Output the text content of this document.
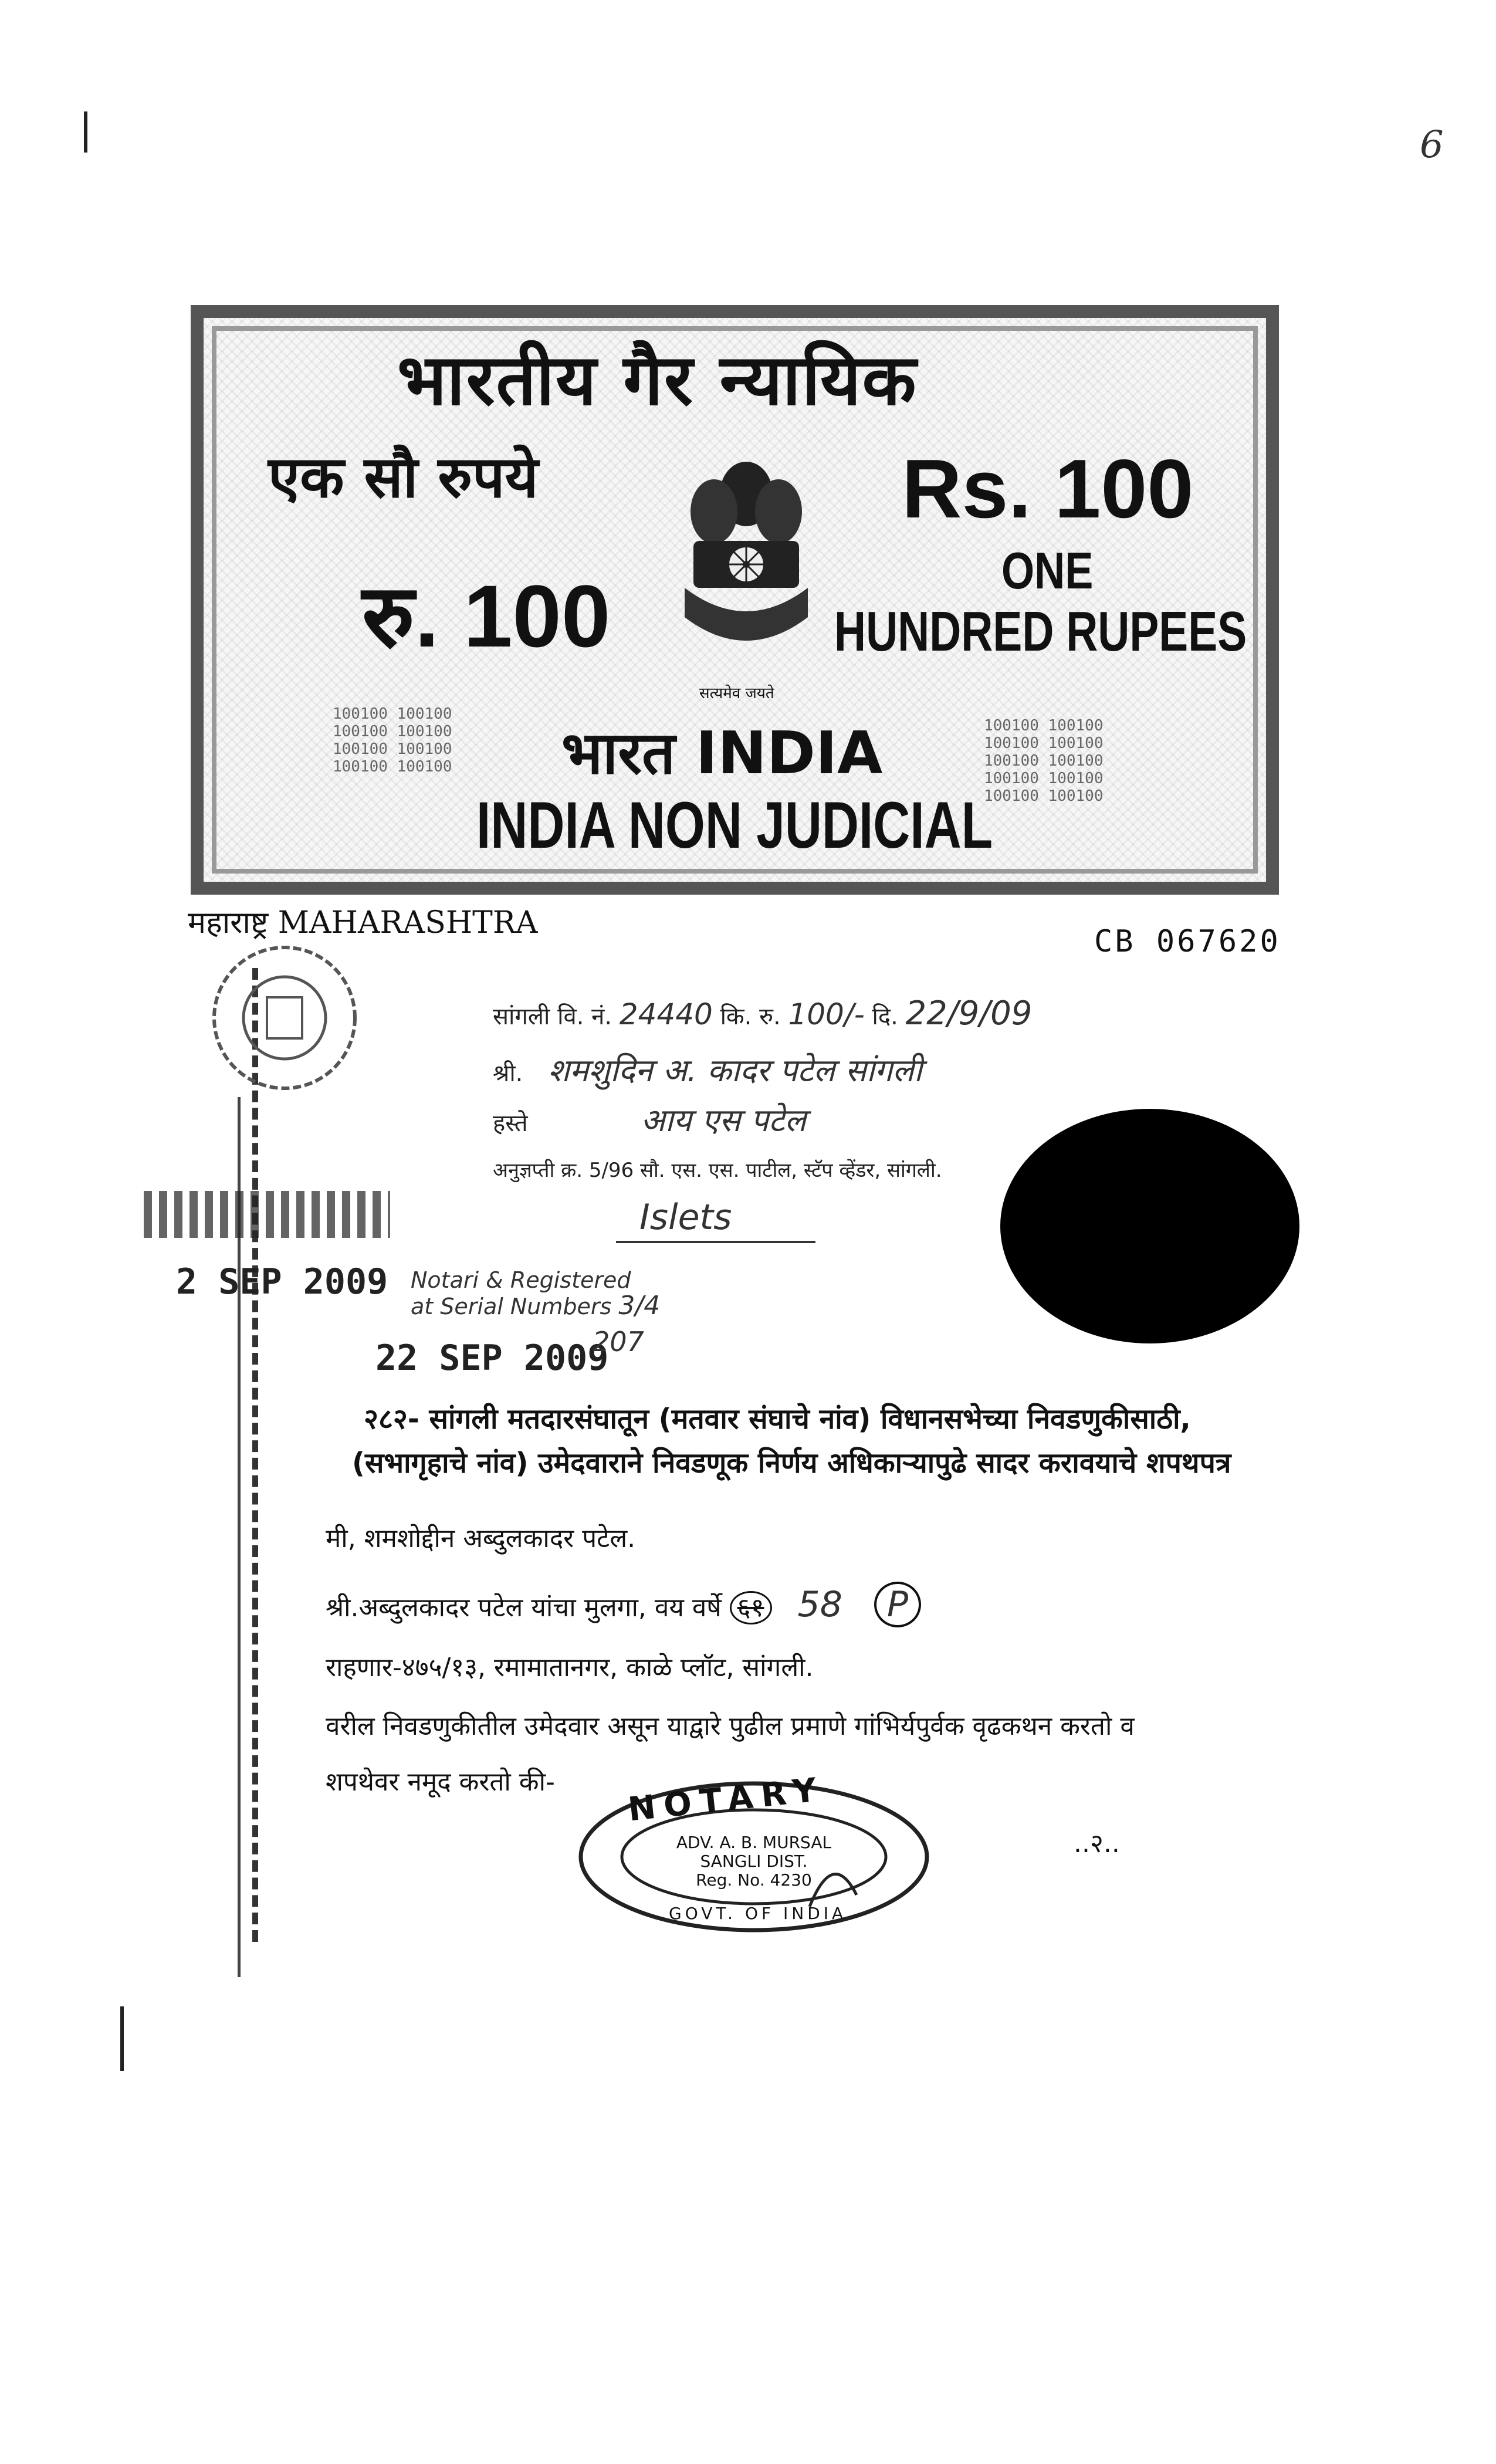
6
भारतीय गैर न्यायिक
एक सौ रुपये	Rs. 100
रु. 100	ONE
HUNDRED RUPEES
सत्यमेव जयते
100100 100100
100100 100100
100100 100100
100100 100100
100100 100100
100100 100100
100100 100100
100100 100100
100100 100100
भारत INDIA
INDIA NON JUDICIAL
महाराष्ट्र MAHARASHTRA
CB 067620
सांगली वि. नं. 24440 कि. रु. 100/- दि. 22/9/09
श्री. शमशुदिन अ. कादर पटेल सांगली
हस्ते	आय एस पटेल
अनुज्ञप्ती क्र. 5/96 सौ. एस. एस. पाटील, स्टॅप व्हेंडर, सांगली.
Islets
2 SEP 2009 Notari & Registered
at Serial Numbers 3/4
22 SEP 2009
207
२८२- सांगली मतदारसंघातून (मतवार संघाचे नांव) विधानसभेच्या निवडणुकीसाठी,
(सभागृहाचे नांव) उमेदवाराने निवडणूक निर्णय अधिकाऱ्यापुढे सादर करावयाचे शपथपत्र
मी, शमशोद्दीन अब्दुलकादर पटेल.
श्री.अब्दुलकादर पटेल यांचा मुलगा, वय वर्षे ६१ 58 P
राहणार-४७५/१३, रमामातानगर, काळे प्लॉट, सांगली.
वरील निवडणुकीतील उमेदवार असून याद्वारे पुढील प्रमाणे गांभिर्यपुर्वक वृढकथन करतो व
शपथेवर नमूद करतो की-
..२..
NOTARY
ADV. A. B. MURSAL
SANGLI DIST.
Reg. No. 4230
GOVT. OF INDIA
